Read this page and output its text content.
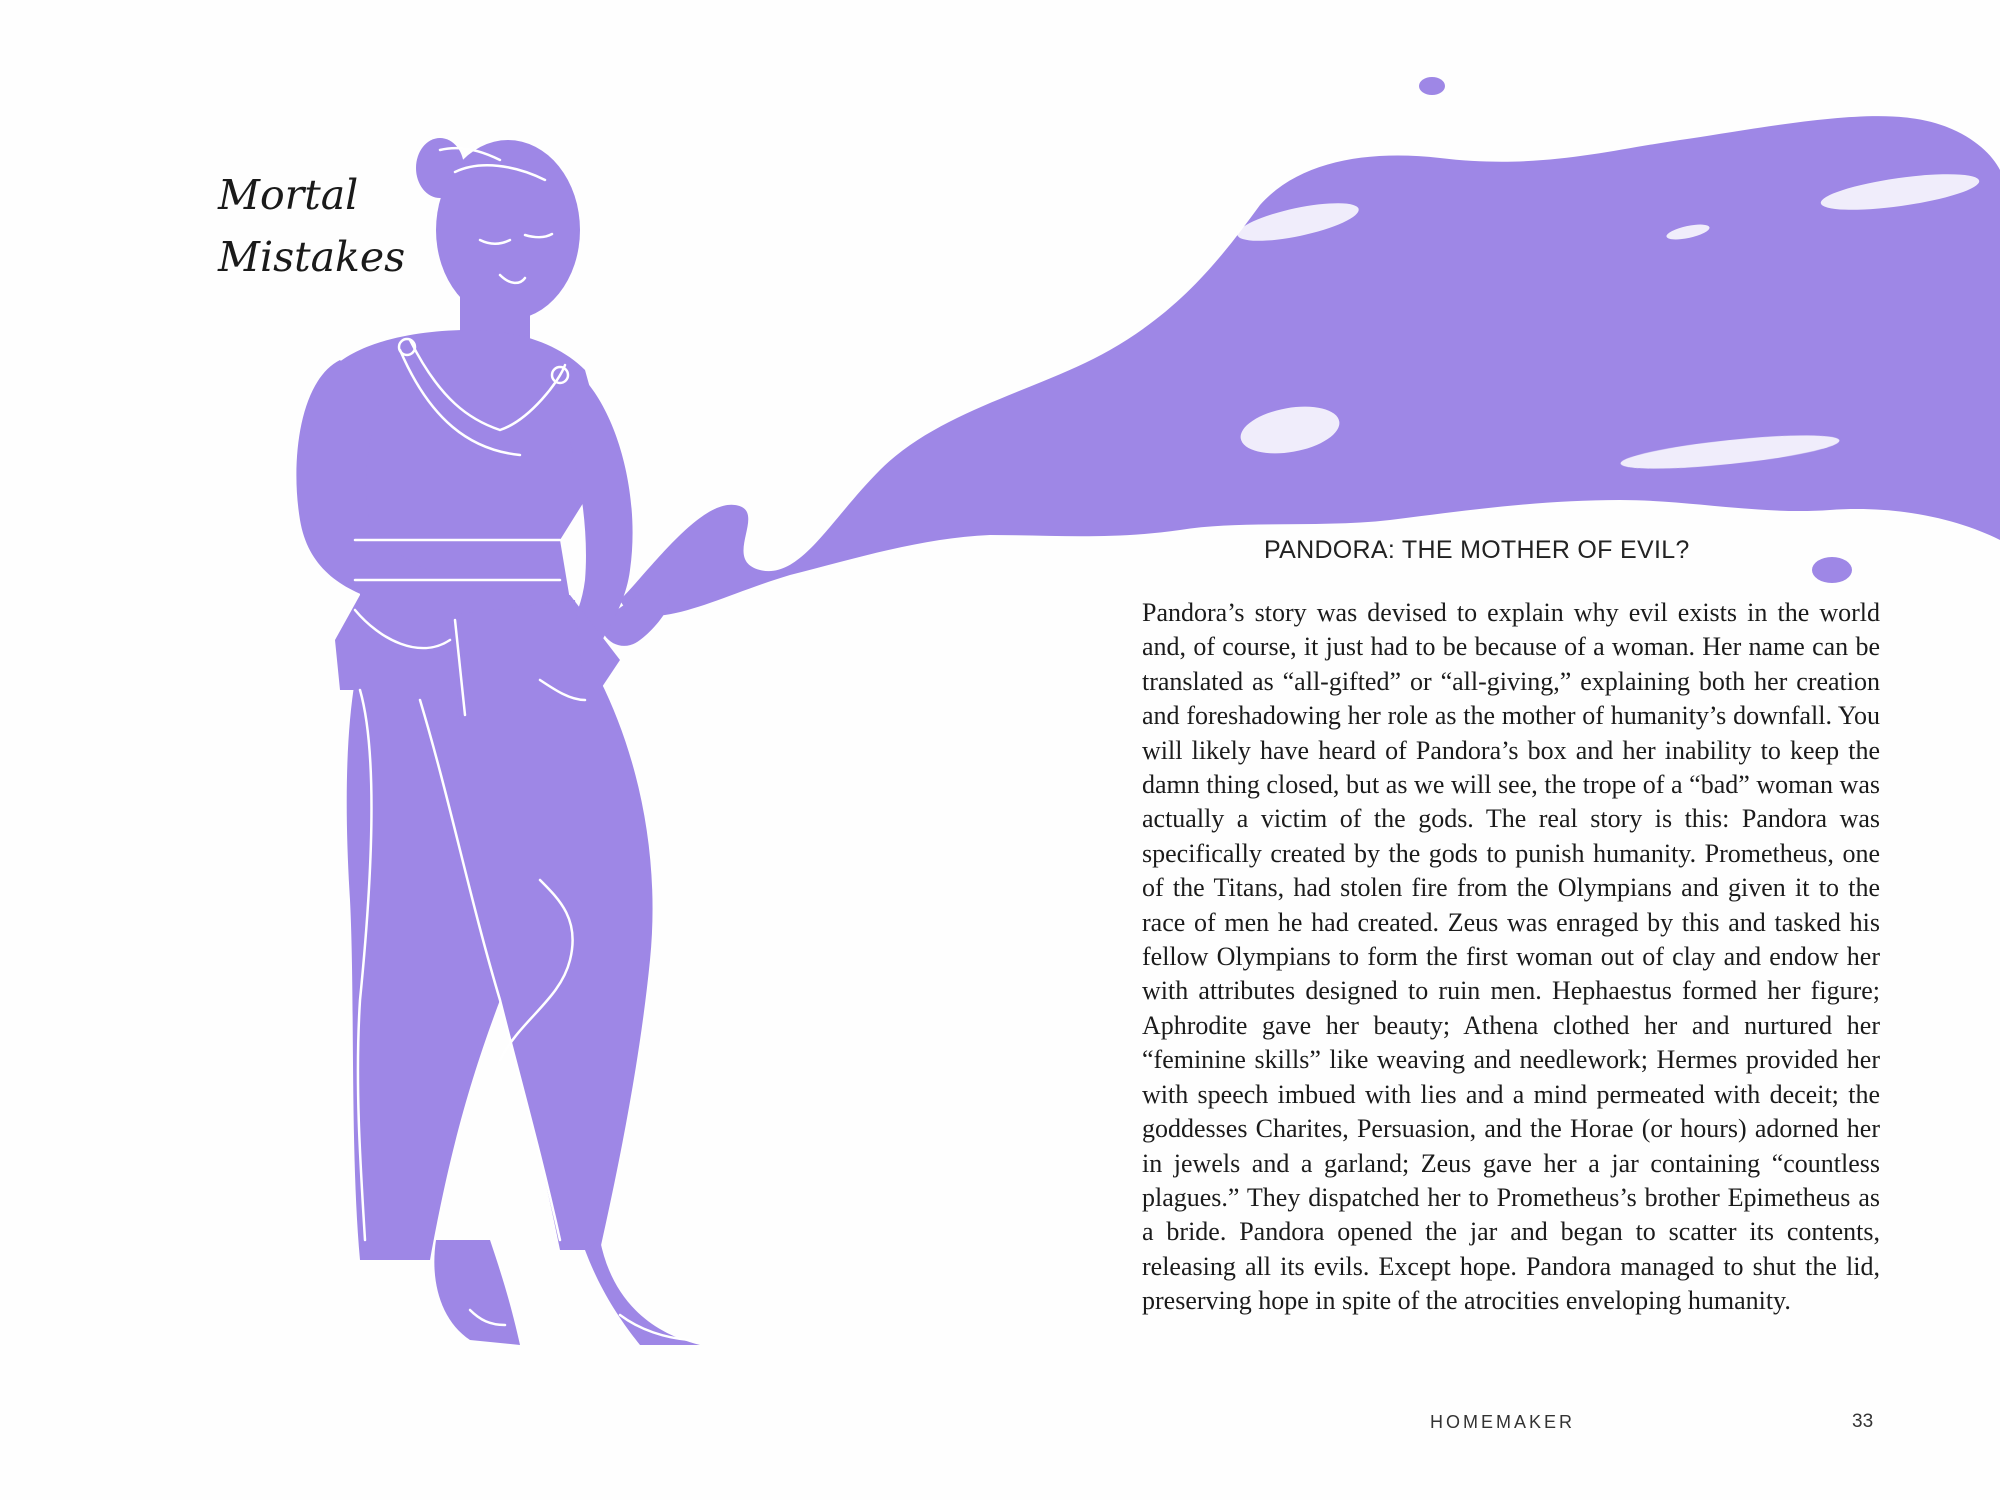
Mortal
Mistakes
PANDORA: THE MOTHER OF EVIL?

Pandora’s story was devised to explain why evil exists in the world and, of course, it just had to be because of a woman. Her name can be translated as “all-gifted” or “all-giving,” explaining both her creation and foreshadowing her role as the mother of humanity’s downfall. You will likely have heard of Pandora’s box and her inability to keep the damn thing closed, but as we will see, the trope of a “bad” woman was actually a victim of the gods. The real story is this: Pandora was specifically created by the gods to punish humanity. Prometheus, one of the Titans, had stolen fire from the Olympians and given it to the race of men he had created. Zeus was enraged by this and tasked his fellow Olympians to form the first woman out of clay and endow her with attributes designed to ruin men. Hephaestus formed her figure; Aphrodite gave her beauty; Athena clothed her and nurtured her “feminine skills” like weaving and needlework; Hermes provided her with speech imbued with lies and a mind permeated with deceit; the goddesses Charites, Persuasion, and the Horae (or hours) adorned her in jewels and a garland; Zeus gave her a jar containing “countless plagues.” They dispatched her to Prometheus’s brother Epimetheus as a bride. Pandora opened the jar and began to scatter its contents, releasing all its evils. Except hope. Pandora managed to shut the lid, preserving hope in spite of the atrocities enveloping humanity.

HOMEMAKER	33
